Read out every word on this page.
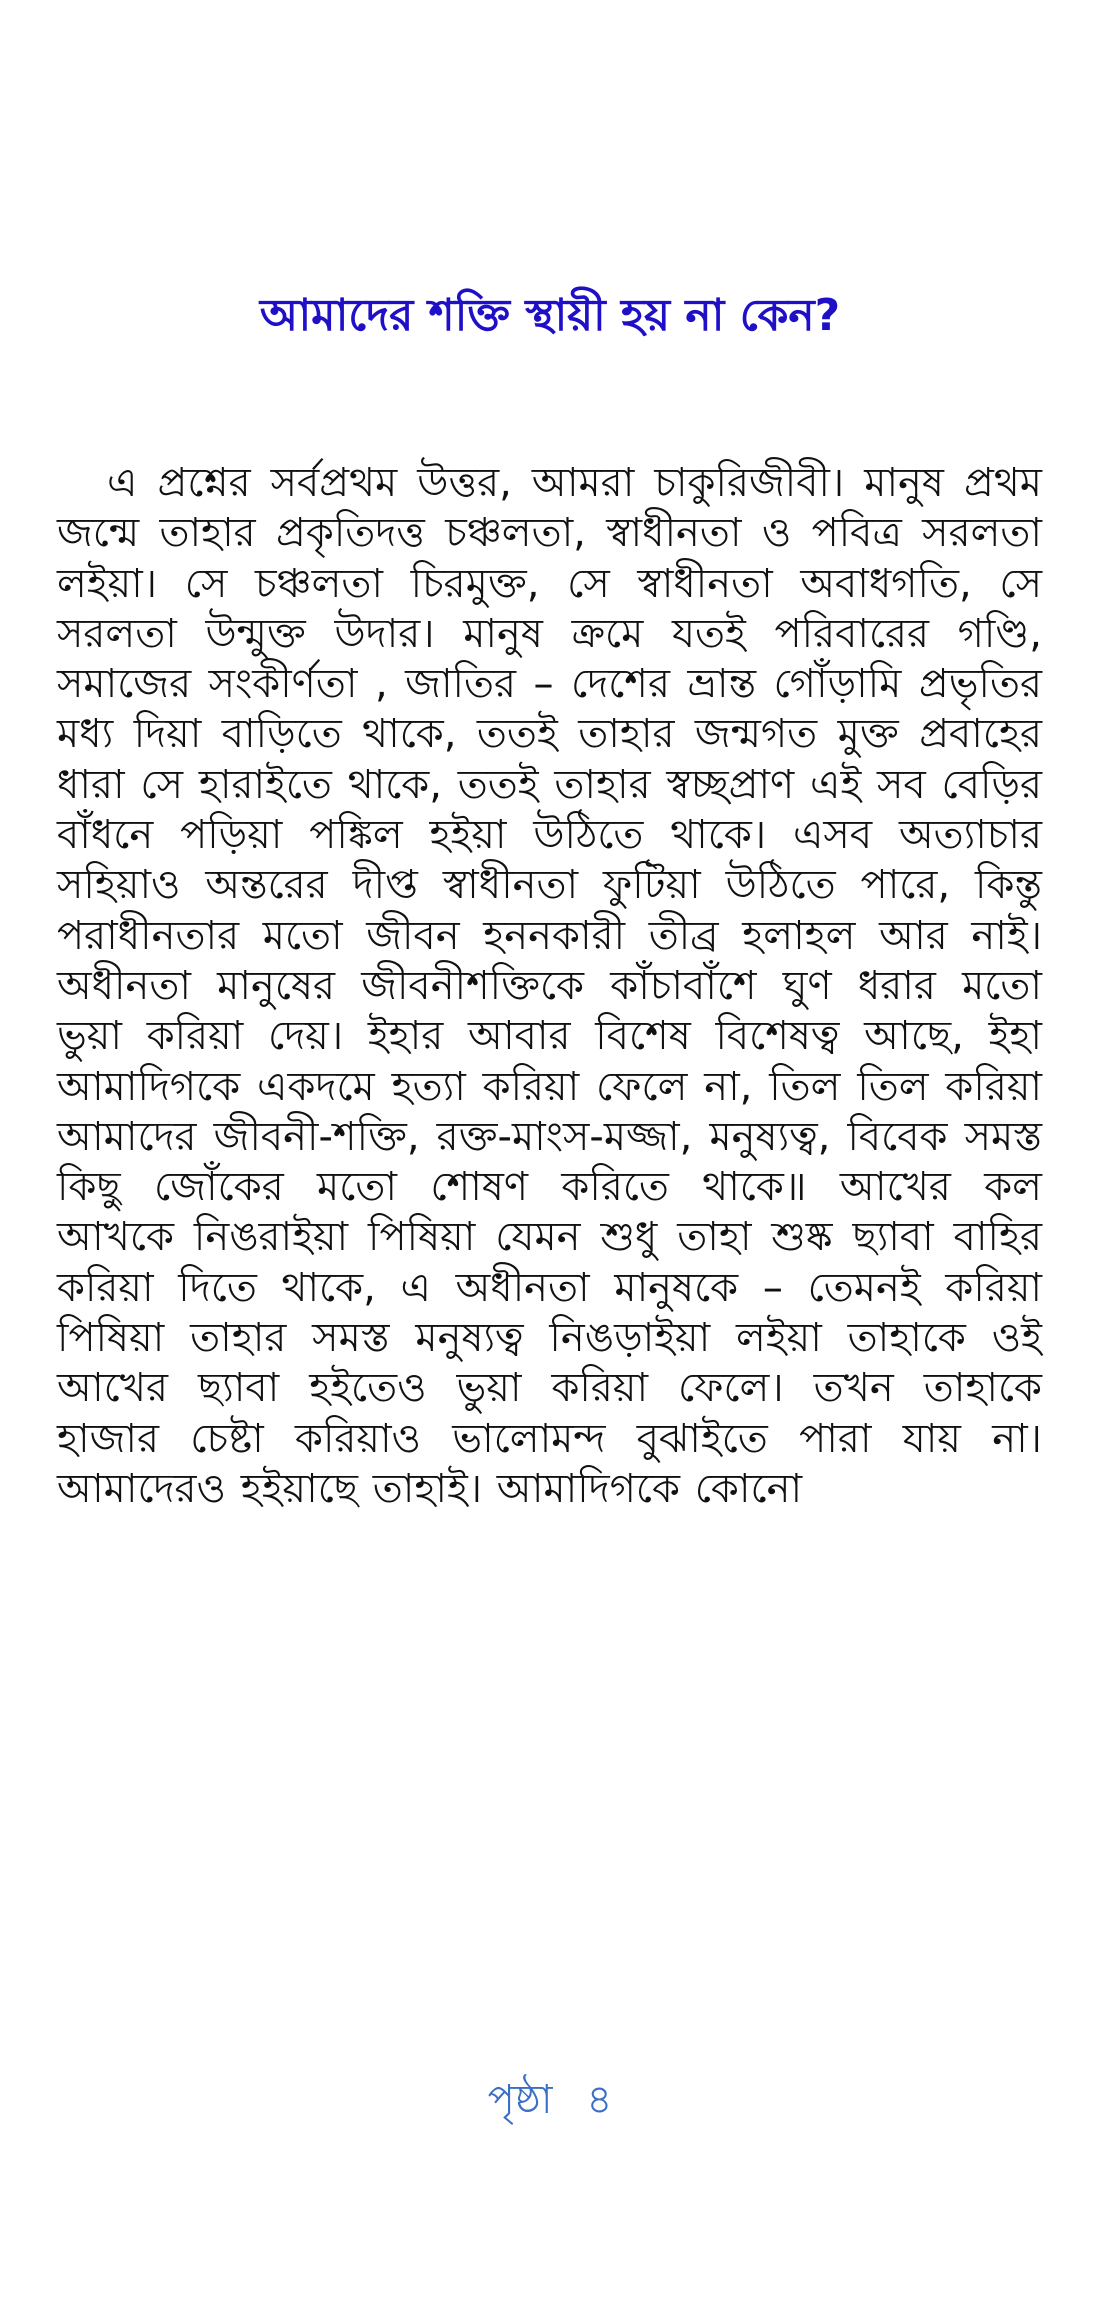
আমাদের শক্তি স্থায়ী হয় না কেন?

এ প্রশ্নের সর্বপ্রথম উত্তর, আমরা চাকুরিজীবী। মানুষ প্রথম জন্মে তাহার প্রকৃতিদত্ত চঞ্চলতা, স্বাধীনতা ও পবিত্র সরলতা লইয়া। সে চঞ্চলতা চিরমুক্ত, সে স্বাধীনতা অবাধগতি, সে সরলতা উন্মুক্ত উদার। মানুষ ক্রমে যতই পরিবারের গণ্ডি, সমাজের সংকীর্ণতা , জাতির – দেশের ভ্রান্ত গোঁড়ামি প্রভৃতির মধ্য দিয়া বাড়িতে থাকে, ততই তাহার জন্মগত মুক্ত প্রবাহের ধারা সে হারাইতে থাকে, ততই তাহার স্বচ্ছপ্রাণ এই সব বেড়ির বাঁধনে পড়িয়া পঙ্কিল হইয়া উঠিতে থাকে। এসব অত্যাচার সহিয়াও অন্তরের দীপ্ত স্বাধীনতা ফুটিয়া উঠিতে পারে, কিন্তু পরাধীনতার মতো জীবন হননকারী তীব্র হলাহল আর নাই। অধীনতা মানুষের জীবনীশক্তিকে কাঁচাবাঁশে ঘুণ ধরার মতো ভুয়া করিয়া দেয়। ইহার আবার বিশেষ বিশেষত্ব আছে, ইহা আমাদিগকে একদমে হত্যা করিয়া ফেলে না, তিল তিল করিয়া আমাদের জীবনী-শক্তি, রক্ত-মাংস-মজ্জা, মনুষ্যত্ব, বিবেক সমস্ত কিছু জোঁকের মতো শোষণ করিতে থাকে॥ আখের কল আখকে নিঙরাইয়া পিষিয়া যেমন শুধু তাহা শুষ্ক ছ্যাবা বাহির করিয়া দিতে থাকে, এ অধীনতা মানুষকে – তেমনই করিয়া পিষিয়া তাহার সমস্ত মনুষ্যত্ব নিঙড়াইয়া লইয়া তাহাকে ওই আখের ছ্যাবা হইতেও ভুয়া করিয়া ফেলে। তখন তাহাকে হাজার চেষ্টা করিয়াও ভালোমন্দ বুঝাইতে পারা যায় না। আমাদেরও হইয়াছে তাহাই। আমাদিগকে কোনো

পৃষ্ঠা ৪
